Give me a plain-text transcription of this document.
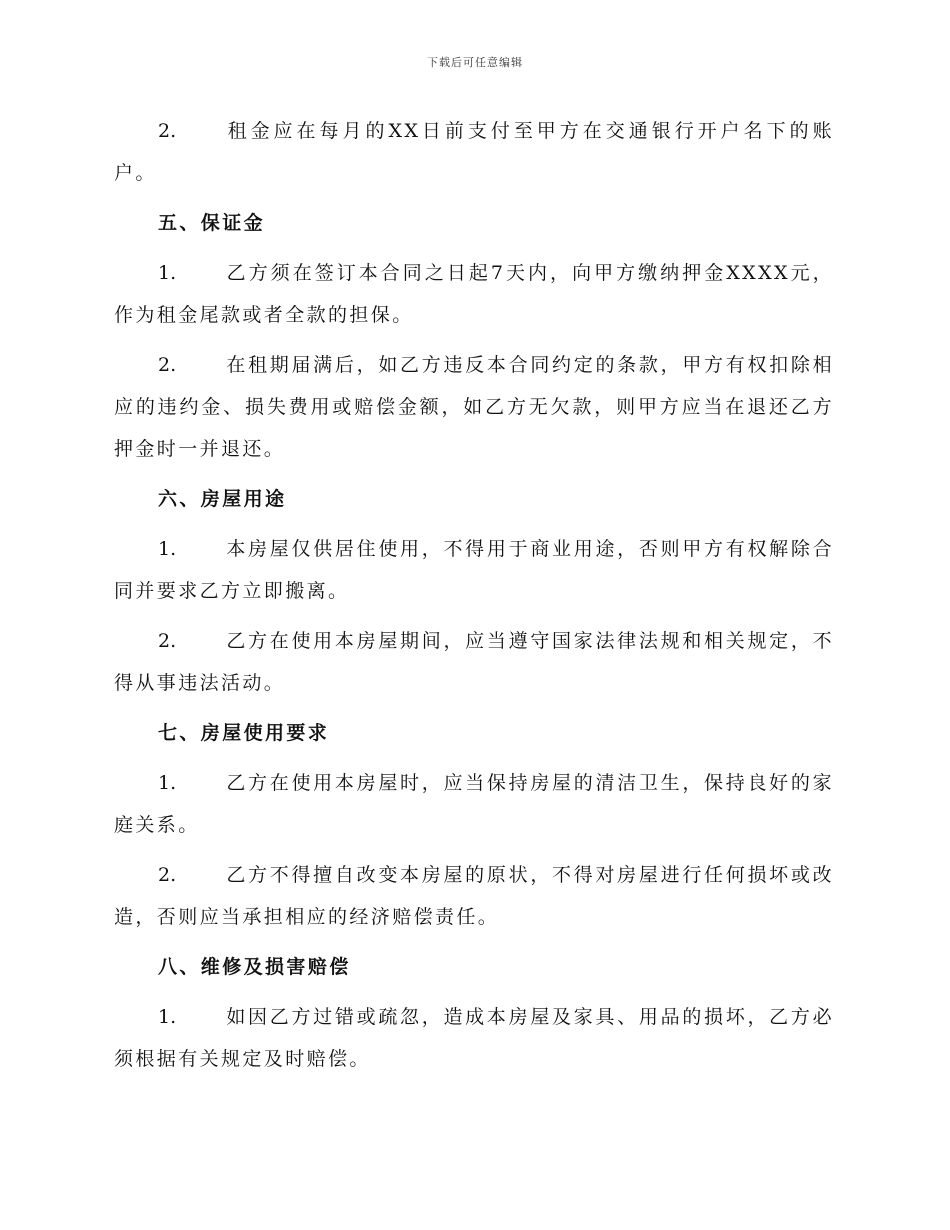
下载后可任意编辑

2.	租金应在每月的XX日前支付至甲方在交通银行开户名下的账户。

五、保证金

1.	乙方须在签订本合同之日起7天内，向甲方缴纳押金XXXX元，作为租金尾款或者全款的担保。

2.	在租期届满后，如乙方违反本合同约定的条款，甲方有权扣除相应的违约金、损失费用或赔偿金额，如乙方无欠款，则甲方应当在退还乙方押金时一并退还。

六、房屋用途

1.	本房屋仅供居住使用，不得用于商业用途，否则甲方有权解除合同并要求乙方立即搬离。

2.	乙方在使用本房屋期间，应当遵守国家法律法规和相关规定，不得从事违法活动。

七、房屋使用要求

1.	乙方在使用本房屋时，应当保持房屋的清洁卫生，保持良好的家庭关系。

2.	乙方不得擅自改变本房屋的原状，不得对房屋进行任何损坏或改造，否则应当承担相应的经济赔偿责任。

八、维修及损害赔偿

1.	如因乙方过错或疏忽，造成本房屋及家具、用品的损坏，乙方必须根据有关规定及时赔偿。
